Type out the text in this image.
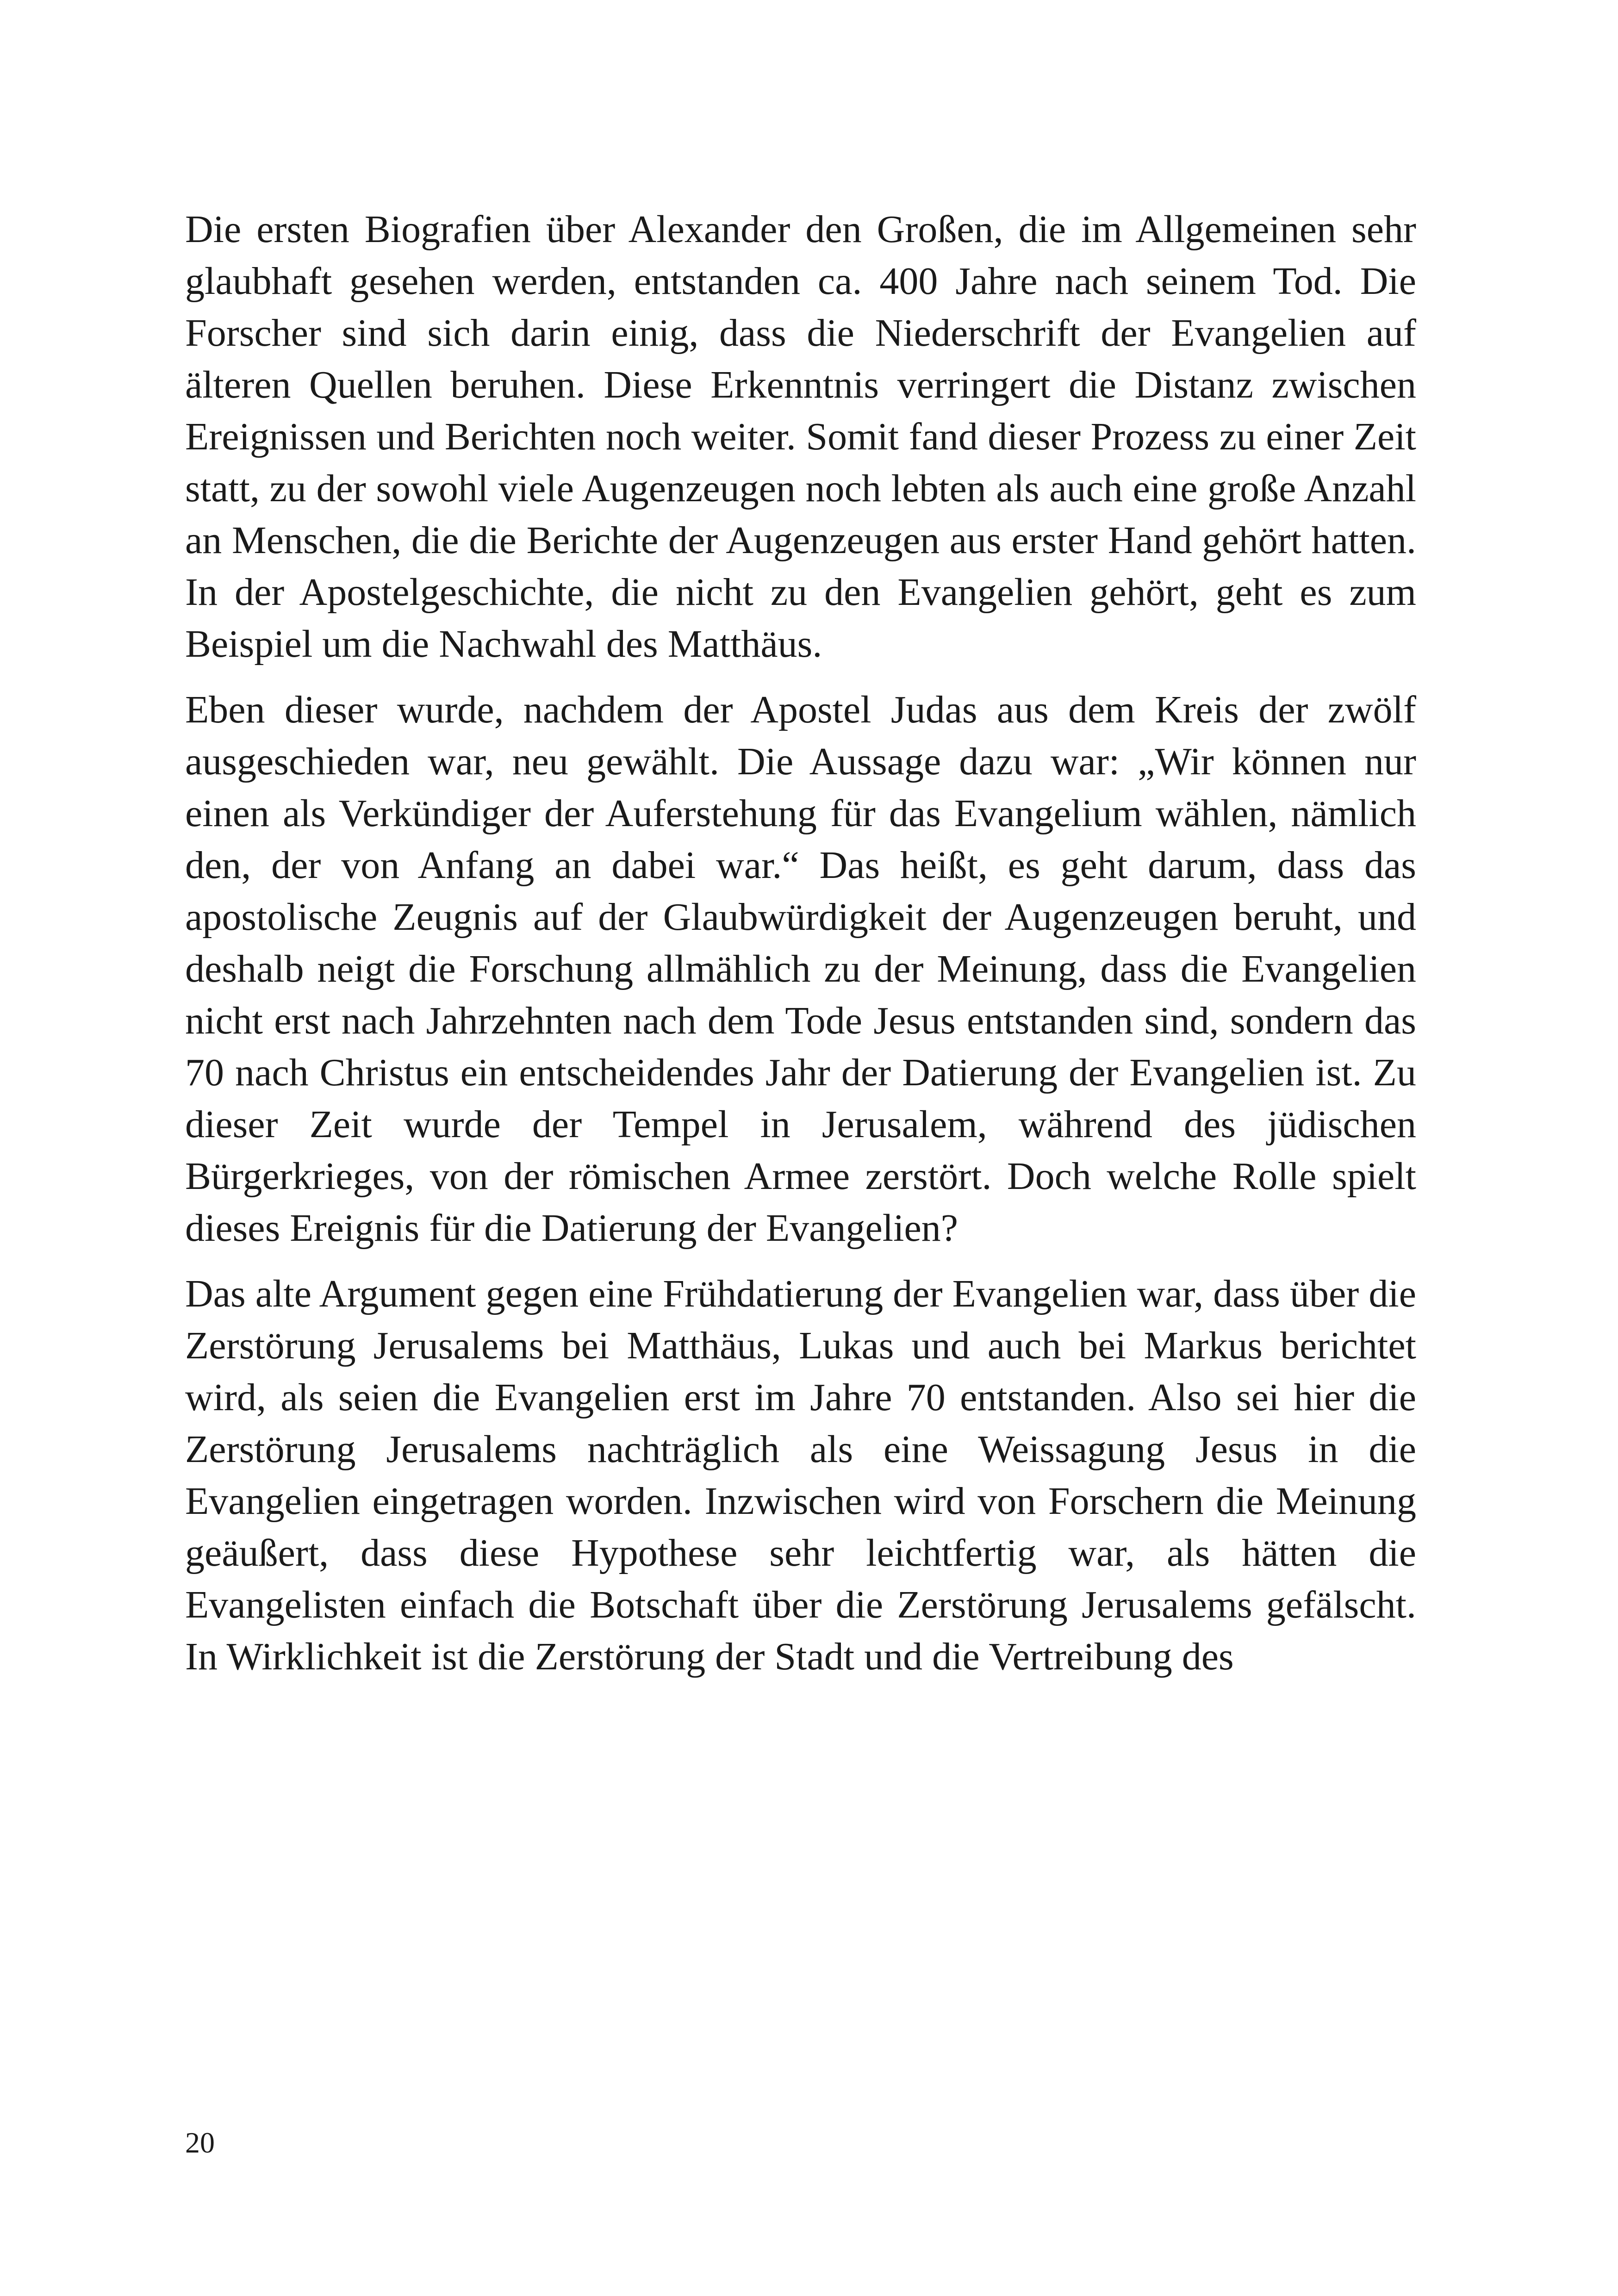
Die ersten Biografien über Alexander den Großen, die im Allgemeinen sehr glaubhaft gesehen werden, entstanden ca. 400 Jahre nach seinem Tod. Die Forscher sind sich darin einig, dass die Niederschrift der Evangelien auf älteren Quellen beruhen. Diese Erkenntnis verringert die Distanz zwischen Ereignissen und Berichten noch weiter. Somit fand dieser Prozess zu einer Zeit statt, zu der sowohl viele Augenzeugen noch lebten als auch eine große Anzahl an Menschen, die die Berichte der Augenzeugen aus erster Hand gehört hatten. In der Apostelgeschichte, die nicht zu den Evangelien gehört, geht es zum Beispiel um die Nachwahl des Matthäus.

Eben dieser wurde, nachdem der Apostel Judas aus dem Kreis der zwölf ausgeschieden war, neu gewählt. Die Aussage dazu war: „Wir können nur einen als Verkündiger der Auferstehung für das Evangelium wählen, nämlich den, der von Anfang an dabei war.“ Das heißt, es geht darum, dass das apostolische Zeugnis auf der Glaubwürdigkeit der Augenzeugen beruht, und deshalb neigt die Forschung allmählich zu der Meinung, dass die Evangelien nicht erst nach Jahrzehnten nach dem Tode Jesus entstanden sind, sondern das 70 nach Christus ein entscheidendes Jahr der Datierung der Evangelien ist. Zu dieser Zeit wurde der Tempel in Jerusalem, während des jüdischen Bürgerkrieges, von der römischen Armee zerstört. Doch welche Rolle spielt dieses Ereignis für die Datierung der Evangelien?

Das alte Argument gegen eine Frühdatierung der Evangelien war, dass über die Zerstörung Jerusalems bei Matthäus, Lukas und auch bei Markus berichtet wird, als seien die Evangelien erst im Jahre 70 entstanden. Also sei hier die Zerstörung Jerusalems nachträglich als eine Weissagung Jesus in die Evangelien eingetragen worden. Inzwischen wird von Forschern die Meinung geäußert, dass diese Hypothese sehr leichtfertig war, als hätten die Evangelisten einfach die Botschaft über die Zerstörung Jerusalems gefälscht. In Wirklichkeit ist die Zerstörung der Stadt und die Vertreibung des

20
